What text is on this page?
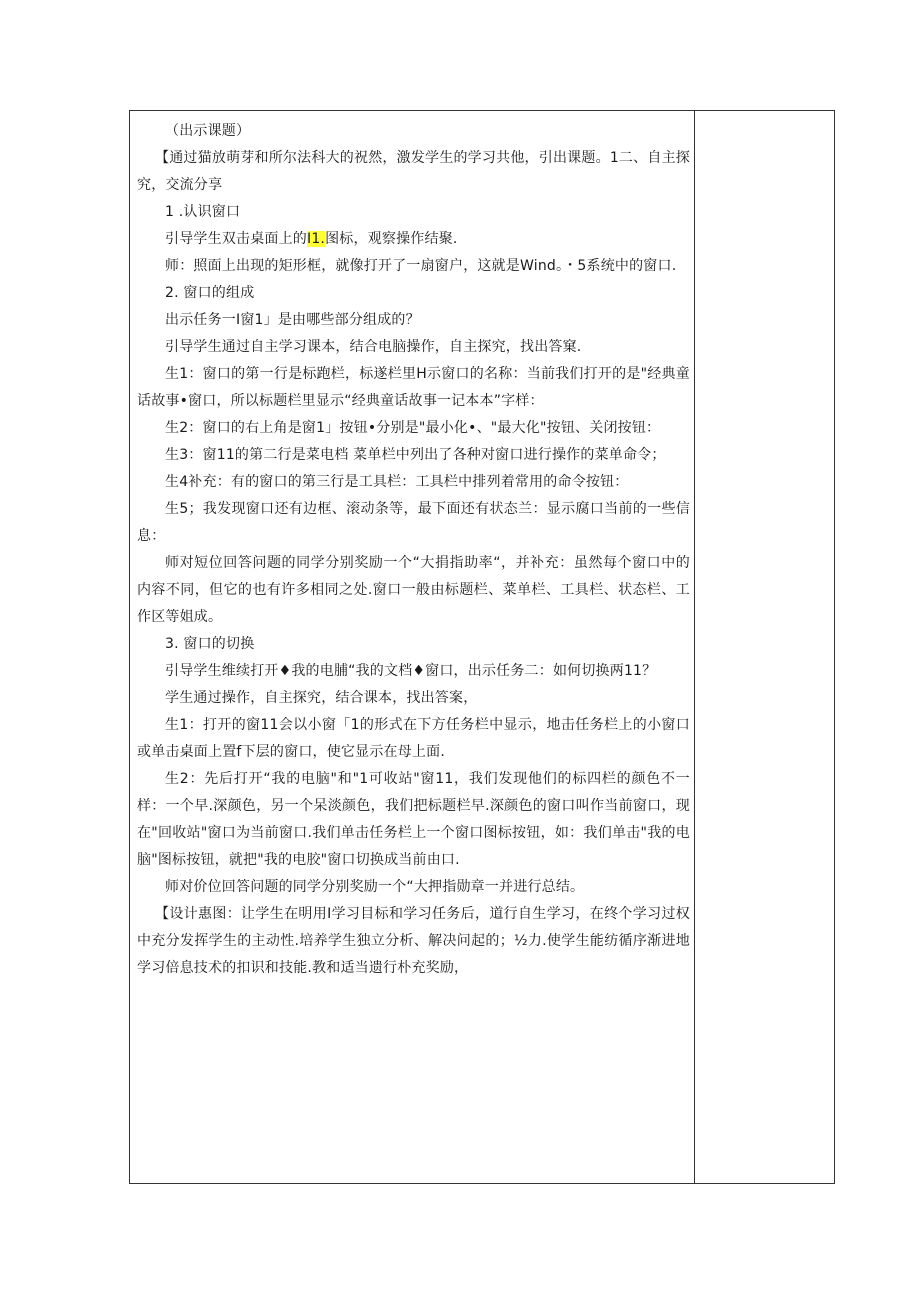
（出示课题）

【通过猫放萌芽和所尔法科大的祝然，激发学生的学习共他，引出课题。1二、自主探究，交流分享

1 .认识窗口

引导学生双击桌面上的I1.图标，观察操作结聚.

师：照面上出现的矩形框，就像打开了一扇窗户，这就是Wind。・5系统中的窗口.

2. 窗口的组成

出示任务一I窗1」是由哪些部分组成的？

引导学生通过自主学习课本，结合电脑操作，自主探究，找出答窠.

生1：窗口的第一行是标跑栏，标遂栏里H示窗口的名称：当前我们打开的是"经典童话故事•窗口，所以标题栏里显示“经典童话故事一记本本”字样：

生2：窗口的右上角是窗1」按钮•分别是"最小化•、"最大化"按钮、关闭按钮：

生3：窗11的第二行是菜电档 菜单栏中列出了各种对窗口进行操作的菜单命令；

生4补充：有的窗口的第三行是工具栏：工具栏中排列着常用的命令按钮：

生5；我发现窗口还有边框、滚动条等，最下面还有状态兰：显示腐口当前的一些信息：

师对短位回答问题的同学分别奖励一个“大捐指助率“，并补充：虽然每个窗口中的内容不同，但它的也有许多相同之处.窗口一般由标题栏、菜单栏、工具栏、状态栏、工作区等姐成。

3. 窗口的切换

引导学生维续打开♦我的电脯“我的文档♦窗口，出示任务二：如何切换两11？

学生通过操作，自主探究，结合课本，找出答案，

生1：打开的窗11会以小窗「1的形式在下方任务栏中显示，地击任务栏上的小窗口或单击桌面上置f下层的窗口，使它显示在母上面.

生2：先后打开“我的电脑"和"1可收站"窗11，我们发现他们的标四栏的颜色不一样：一个早.深颜色，另一个呆淡颜色，我们把标题栏早.深颜色的窗口叫作当前窗口，现在"回收站"窗口为当前窗口.我们单击任务栏上一个窗口图标按钮，如：我们单击"我的电脑"图标按钮，就把"我的电胶"窗口切换成当前由口.

师对价位回答问题的同学分别奖励一个“大押指勋章一并进行总结。

【设计惠图：让学生在明用I学习目标和学习任务后，道行自生学习，在终个学习过权中充分发挥学生的主动性.培养学生独立分析、解决问起的；½力.使学生能纺循序渐进地学习倍息技术的扣识和技能.教和适当遗行朴充奖励，
